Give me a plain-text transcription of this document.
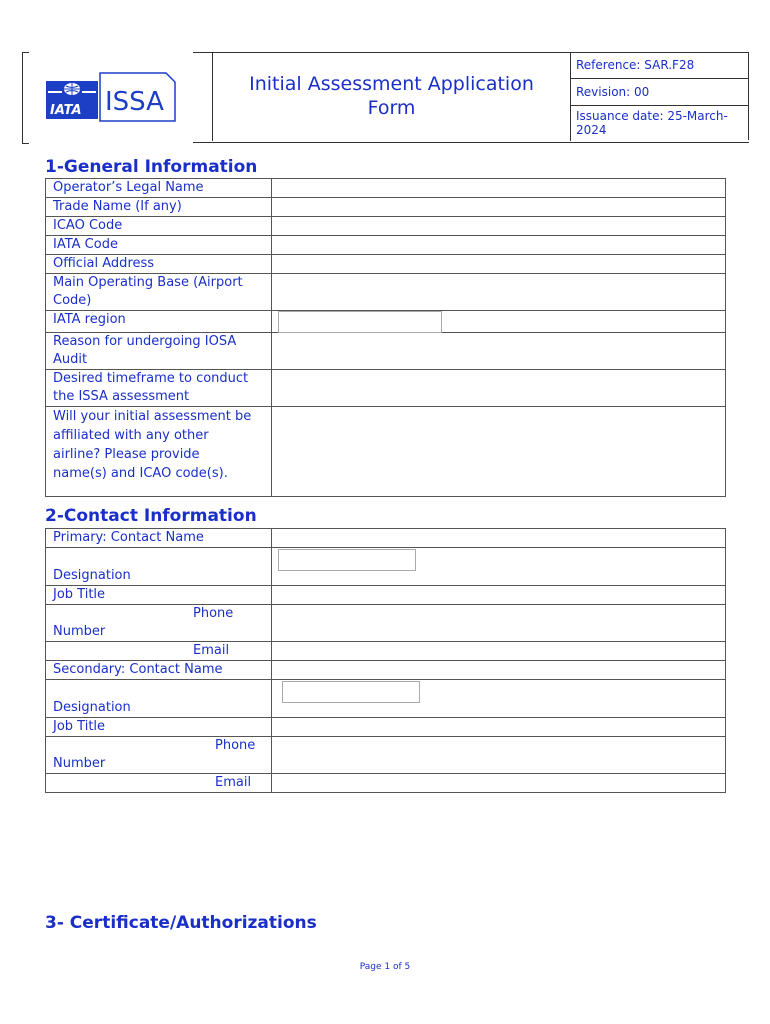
IATA ISSA
Initial Assessment Application
Form
Reference: SAR.F28
Revision: 00
Issuance date: 25-March-
2024
1-General Information
Operator’s Legal Name	
Trade Name (If any)	
ICAO Code	
IATA Code	
Official Address	

Main Operating Base (Airport
Code)	

IATA region	

Reason for undergoing IOSA
Audit	

Desired timeframe to conduct
the ISSA assessment	

Will your initial assessment be
affiliated with any other
airline? Please provide
name(s) and ICAO code(s).	

2-Contact Information
Primary: Contact Name	
Designation	

Job Title	

Phone
Number	

Email	
Secondary: Contact Name	
Designation	

Job Title	

Phone
Number	

Email	
3- Certificate/Authorizations
Page 1 of 5
